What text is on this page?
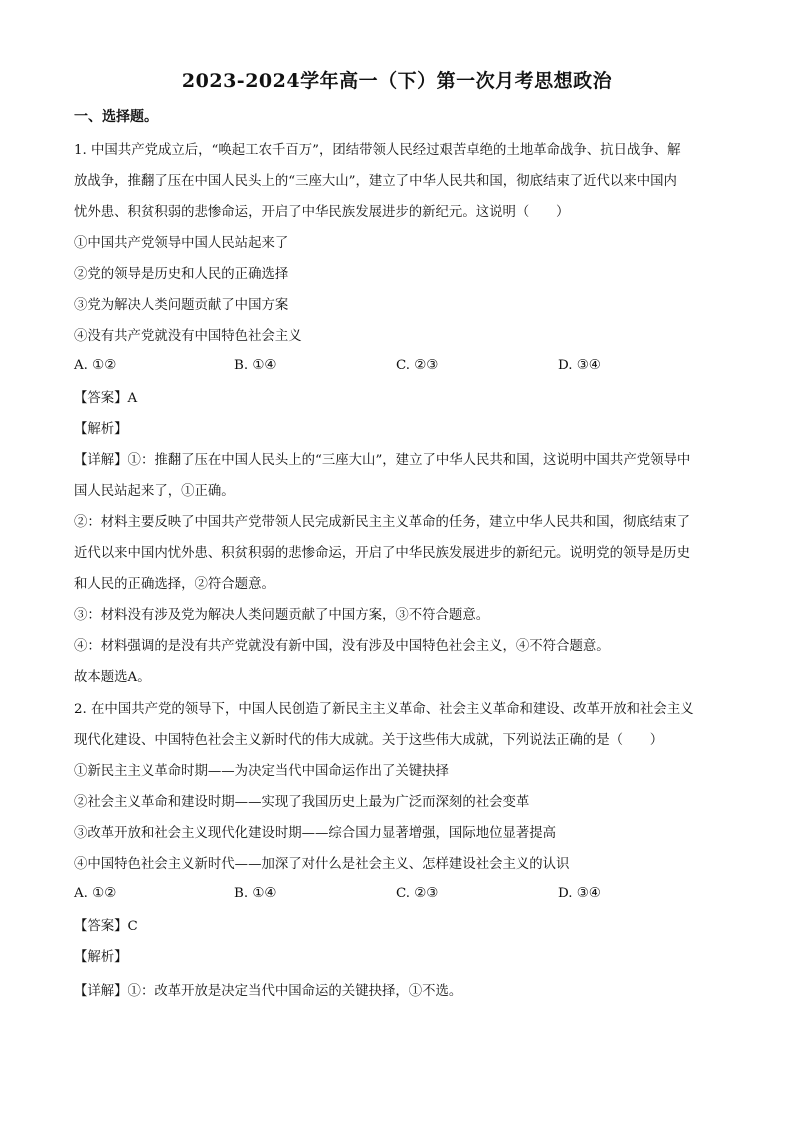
2023-2024学年高一（下）第一次月考思想政治
一、选择题。
1. 中国共产党成立后，“唤起工农千百万”，团结带领人民经过艰苦卓绝的土地革命战争、抗日战争、解
放战争，推翻了压在中国人民头上的“三座大山”，建立了中华人民共和国，彻底结束了近代以来中国内
忧外患、积贫积弱的悲惨命运，开启了中华民族发展进步的新纪元。这说明（　　）
①中国共产党领导中国人民站起来了
②党的领导是历史和人民的正确选择
③党为解决人类问题贡献了中国方案
④没有共产党就没有中国特色社会主义
A. ①②	B. ①④	C. ②③	D. ③④
【答案】A
【解析】
【详解】①：推翻了压在中国人民头上的“三座大山”，建立了中华人民共和国，这说明中国共产党领导中
国人民站起来了，①正确。
②：材料主要反映了中国共产党带领人民完成新民主主义革命的任务，建立中华人民共和国，彻底结束了
近代以来中国内忧外患、积贫积弱的悲惨命运，开启了中华民族发展进步的新纪元。说明党的领导是历史
和人民的正确选择，②符合题意。
③：材料没有涉及党为解决人类问题贡献了中国方案，③不符合题意。
④：材料强调的是没有共产党就没有新中国，没有涉及中国特色社会主义，④不符合题意。
故本题选A。
2. 在中国共产党的领导下，中国人民创造了新民主主义革命、社会主义革命和建设、改革开放和社会主义
现代化建设、中国特色社会主义新时代的伟大成就。关于这些伟大成就，下列说法正确的是（　　）
①新民主主义革命时期——为决定当代中国命运作出了关键抉择
②社会主义革命和建设时期——实现了我国历史上最为广泛而深刻的社会变革
③改革开放和社会主义现代化建设时期——综合国力显著增强，国际地位显著提高
④中国特色社会主义新时代——加深了对什么是社会主义、怎样建设社会主义的认识
A. ①②	B. ①④	C. ②③	D. ③④
【答案】C
【解析】
【详解】①：改革开放是决定当代中国命运的关键抉择，①不选。
